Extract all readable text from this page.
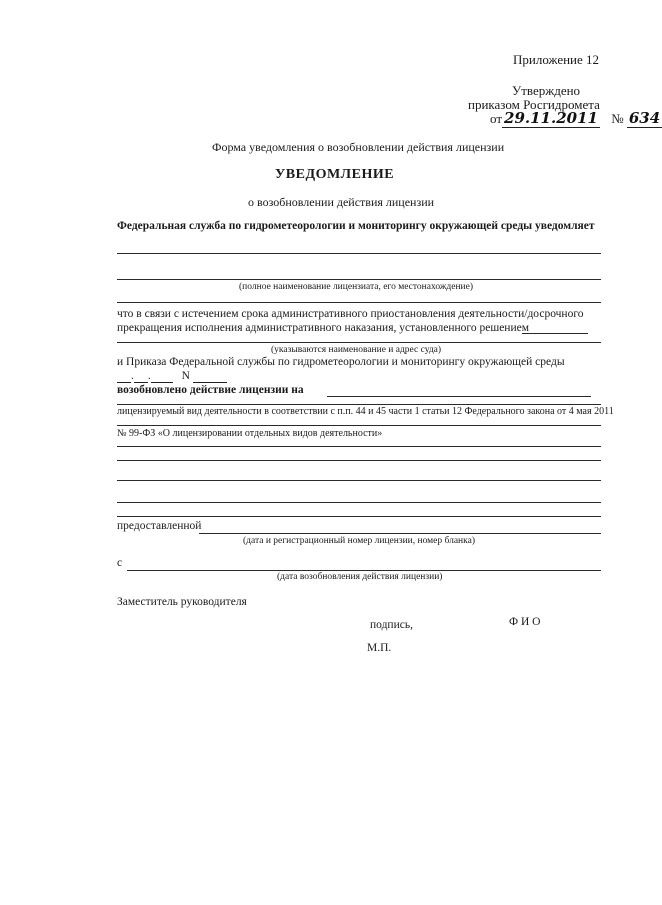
Приложение 12
Утверждено
приказом Росгидромета
от 29.11.2011 № 634
Форма уведомления о возобновлении действия лицензии
УВЕДОМЛЕНИЕ
о возобновлении действия лицензии
Федеральная служба по гидрометеорологии и мониторингу окружающей среды уведомляет
(полное наименование лицензиата, его местонахождение)
что в связи с истечением срока административного приостановления деятельности/досрочного
прекращения исполнения административного наказания, установленного решением
(указываются наименование и адрес суда)
и Приказа Федеральной службы по гидрометеорологии и мониторингу окружающей среды
. .	N
возобновлено действие лицензии на
лицензируемый вид деятельности в соответствии с п.п. 44 и 45 части 1 статьи 12 Федерального закона от 4 мая 2011
№ 99-ФЗ «О лицензировании отдельных видов деятельности»
предоставленной
(дата и регистрационный номер лицензии, номер бланка)
с
(дата возобновления действия лицензии)
Заместитель руководителя
подпись,	Ф И О
М.П.
